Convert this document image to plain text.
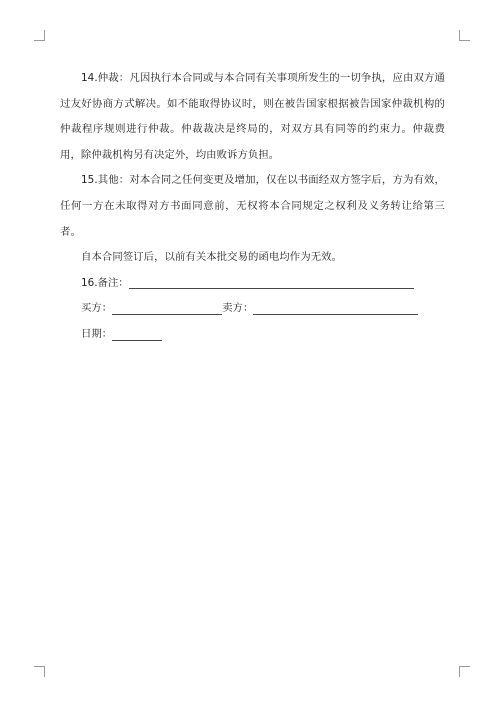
14.仲裁：凡因执行本合同或与本合同有关事项所发生的一切争执，应由双方通过友好协商方式解决。如不能取得协议时，则在被告国家根据被告国家仲裁机构的仲裁程序规则进行仲裁。仲裁裁决是终局的，对双方具有同等的约束力。仲裁费用，除仲裁机构另有决定外，均由败诉方负担。

15.其他：对本合同之任何变更及增加，仅在以书面经双方签字后，方为有效，任何一方在未取得对方书面同意前，无权将本合同规定之权利及义务转让给第三者。

自本合同签订后，以前有关本批交易的函电均作为无效。

16.备注：
买方：	卖方：
日期：
